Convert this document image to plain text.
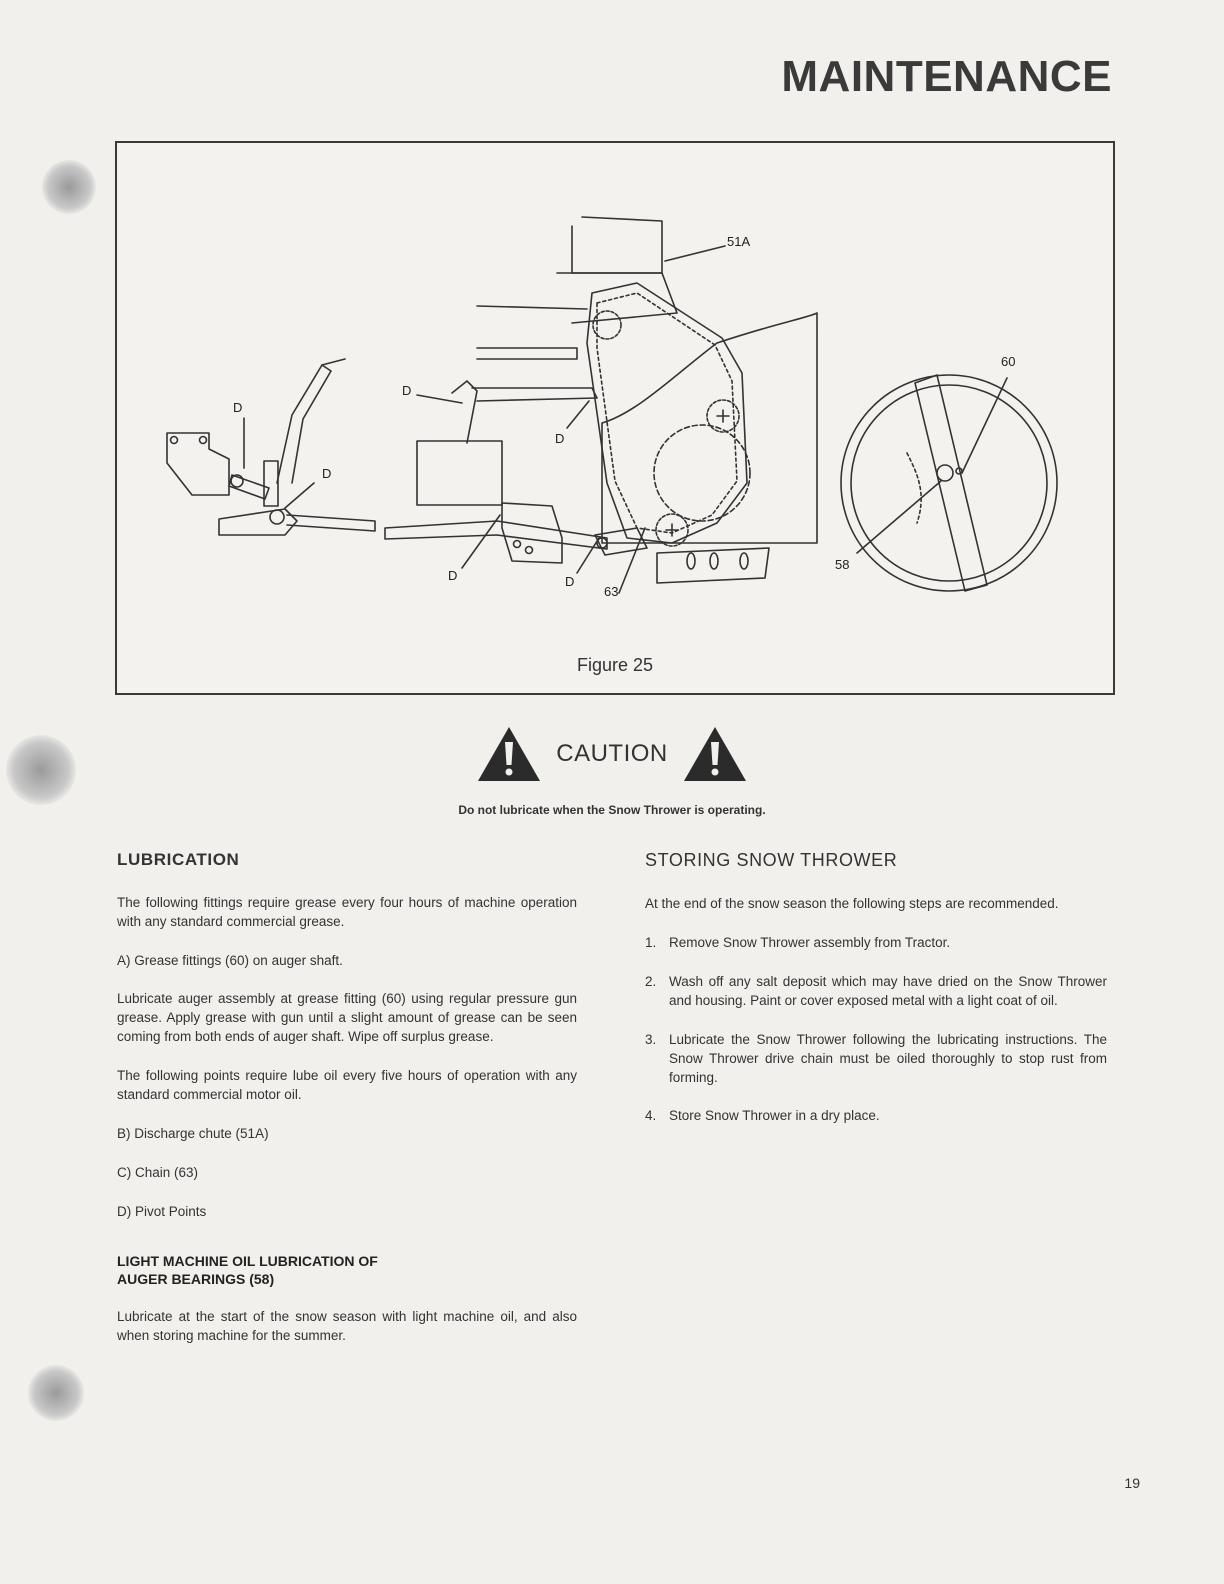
MAINTENANCE
51A
60
58
63
D
D
D
D
D	D
Figure 25
CAUTION
Do not lubricate when the Snow Thrower is operating.
LUBRICATION

The following fittings require grease every four hours of machine operation with any standard commercial grease.

A) Grease fittings (60) on auger shaft.

Lubricate auger assembly at grease fitting (60) using regular pressure gun grease. Apply grease with gun until a slight amount of grease can be seen coming from both ends of auger shaft. Wipe off surplus grease.

The following points require lube oil every five hours of operation with any standard commercial motor oil.

B) Discharge chute (51A)
C) Chain (63)
D) Pivot Points
LIGHT MACHINE OIL LUBRICATION OF
AUGER BEARINGS (58)

Lubricate at the start of the snow season with light machine oil, and also when storing machine for the summer.

STORING SNOW THROWER

At the end of the snow season the following steps are recommended.

1. Remove Snow Thrower assembly from Tractor.
2. Wash off any salt deposit which may have dried on the Snow Thrower and housing. Paint or cover exposed metal with a light coat of oil.
3. Lubricate the Snow Thrower following the lubricating instructions. The Snow Thrower drive chain must be oiled thoroughly to stop rust from forming.
4. Store Snow Thrower in a dry place.
19
